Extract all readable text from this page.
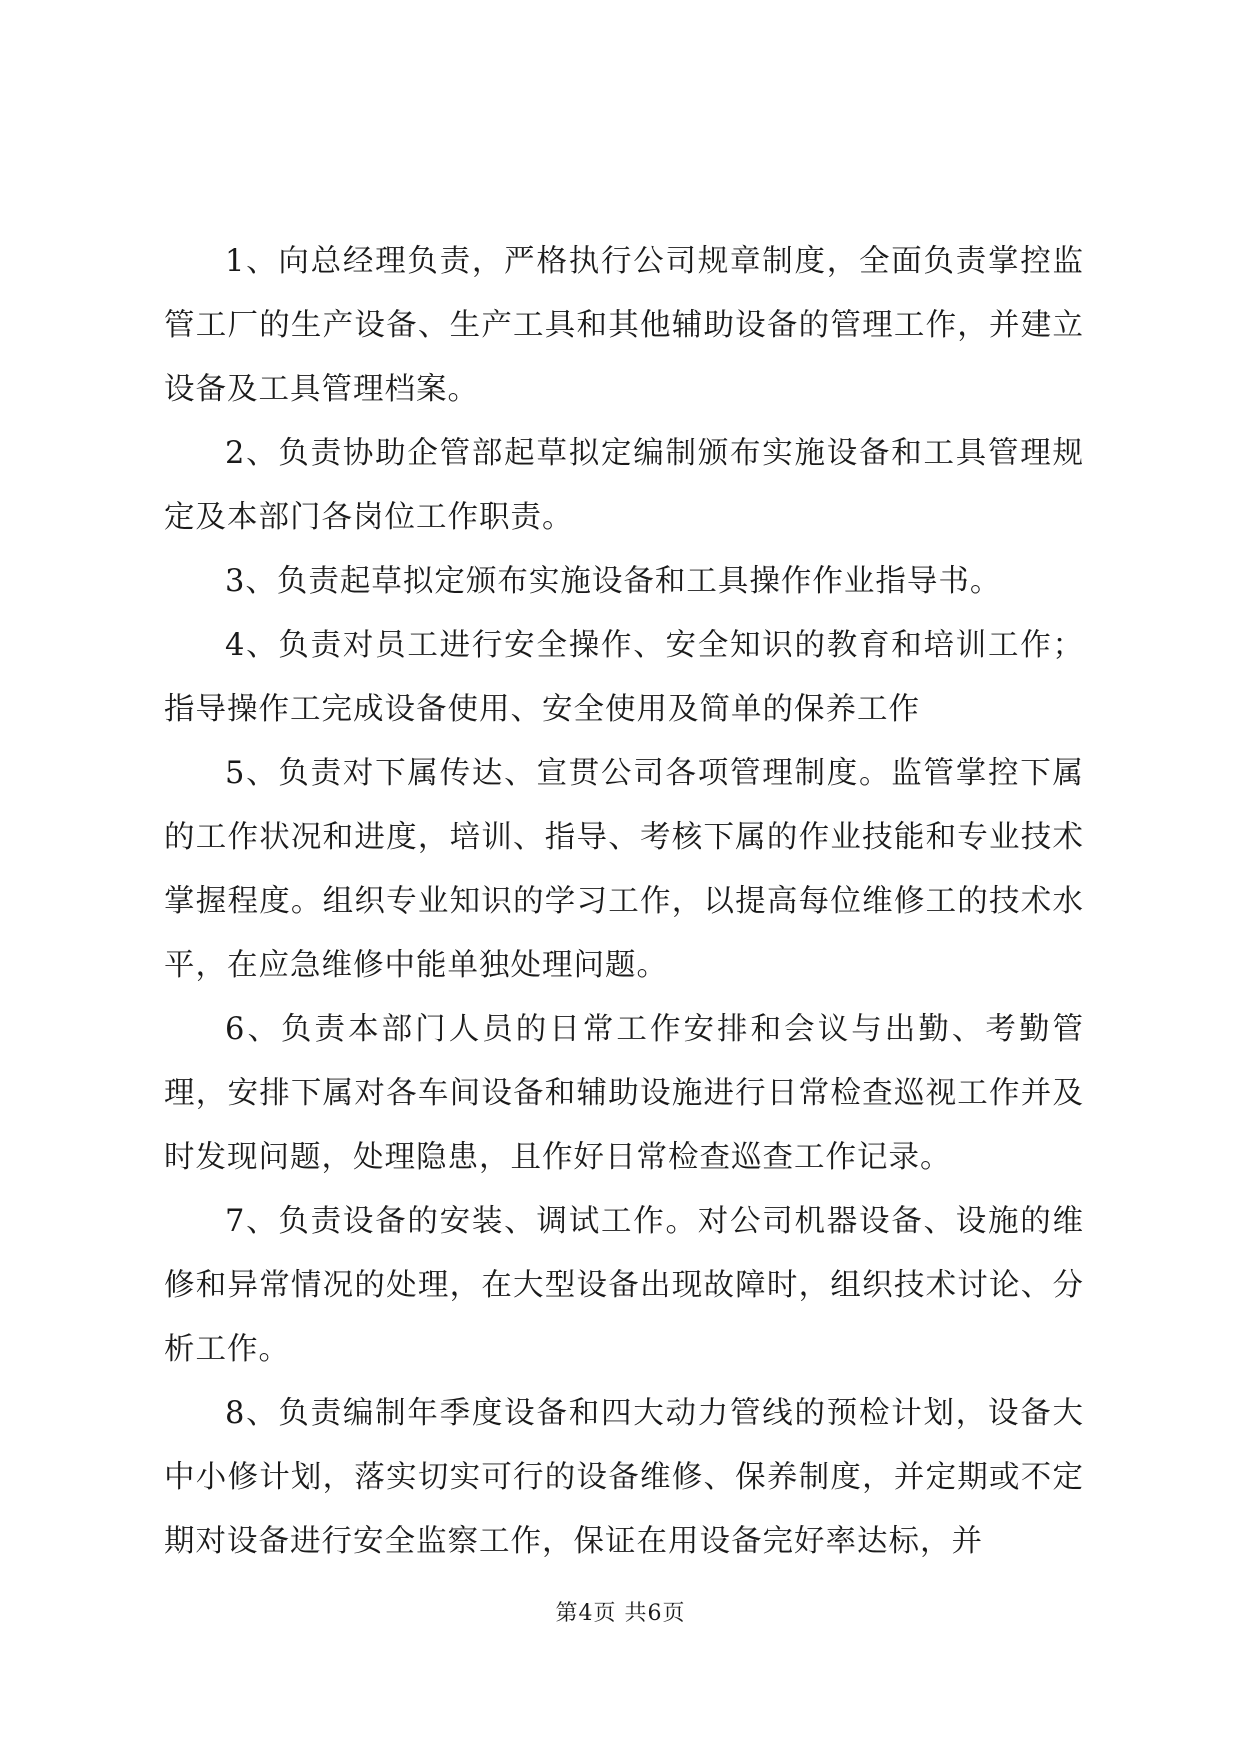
1、向总经理负责，严格执行公司规章制度，全面负责掌控监管工厂的生产设备、生产工具和其他辅助设备的管理工作，并建立设备及工具管理档案。

2、负责协助企管部起草拟定编制颁布实施设备和工具管理规定及本部门各岗位工作职责。

3、负责起草拟定颁布实施设备和工具操作作业指导书。

4、负责对员工进行安全操作、安全知识的教育和培训工作；指导操作工完成设备使用、安全使用及简单的保养工作

5、负责对下属传达、宣贯公司各项管理制度。监管掌控下属的工作状况和进度，培训、指导、考核下属的作业技能和专业技术掌握程度。组织专业知识的学习工作，以提高每位维修工的技术水平，在应急维修中能单独处理问题。

6、负责本部门人员的日常工作安排和会议与出勤、考勤管理，安排下属对各车间设备和辅助设施进行日常检查巡视工作并及时发现问题，处理隐患，且作好日常检查巡查工作记录。

7、负责设备的安装、调试工作。对公司机器设备、设施的维修和异常情况的处理，在大型设备出现故障时，组织技术讨论、分析工作。

8、负责编制年季度设备和四大动力管线的预检计划，设备大中小修计划，落实切实可行的设备维修、保养制度，并定期或不定期对设备进行安全监察工作，保证在用设备完好率达标，并

第4页 共6页
